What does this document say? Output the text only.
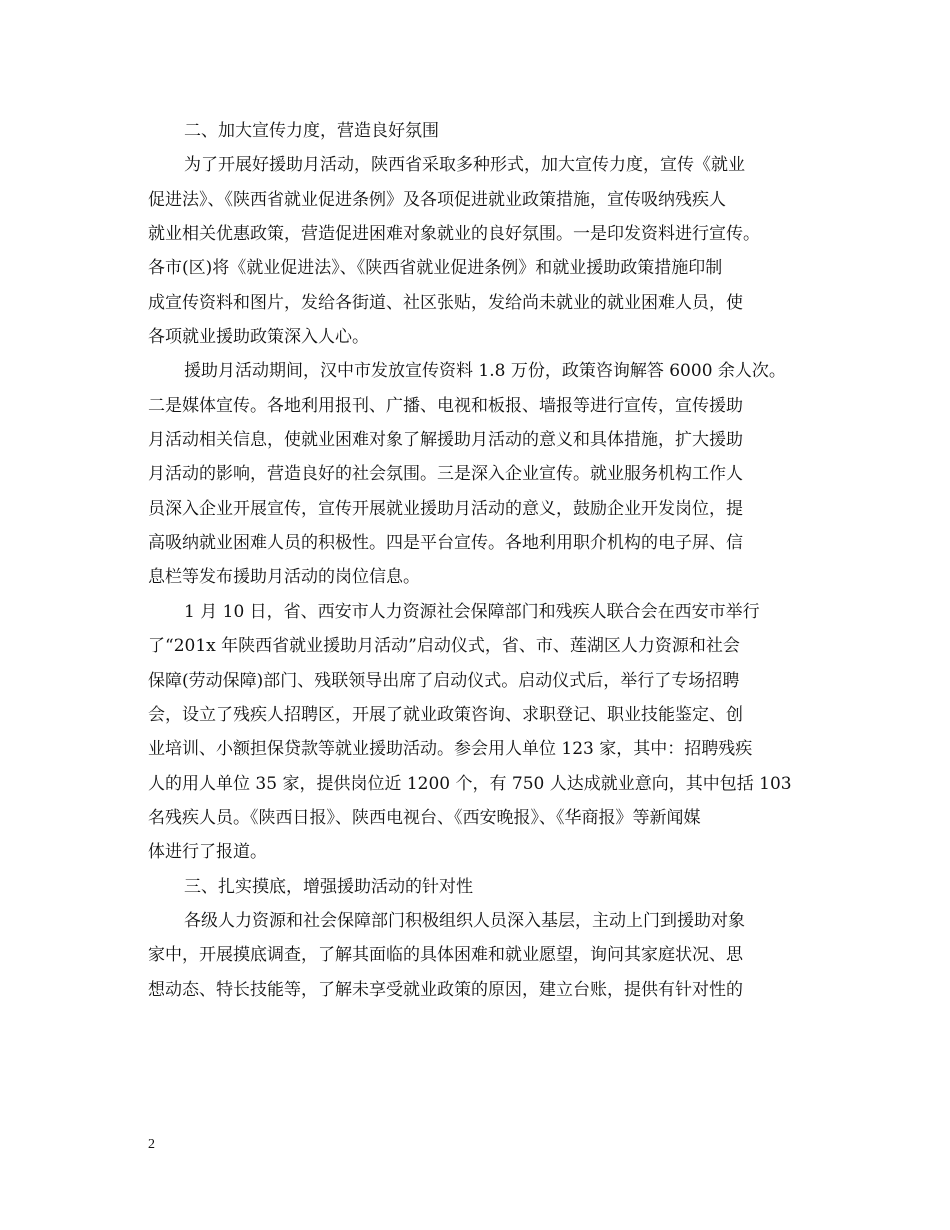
二、加大宣传力度，营造良好氛围
为了开展好援助月活动，陕西省采取多种形式，加大宣传力度，宣传《就业
促进法》、《陕西省就业促进条例》及各项促进就业政策措施，宣传吸纳残疾人
就业相关优惠政策，营造促进困难对象就业的良好氛围。一是印发资料进行宣传。
各市(区)将《就业促进法》、《陕西省就业促进条例》和就业援助政策措施印制
成宣传资料和图片，发给各街道、社区张贴，发给尚未就业的就业困难人员，使
各项就业援助政策深入人心。
援助月活动期间，汉中市发放宣传资料 1.8 万份，政策咨询解答 6000 余人次。
二是媒体宣传。各地利用报刊、广播、电视和板报、墙报等进行宣传，宣传援助
月活动相关信息，使就业困难对象了解援助月活动的意义和具体措施，扩大援助
月活动的影响，营造良好的社会氛围。三是深入企业宣传。就业服务机构工作人
员深入企业开展宣传，宣传开展就业援助月活动的意义，鼓励企业开发岗位，提
高吸纳就业困难人员的积极性。四是平台宣传。各地利用职介机构的电子屏、信
息栏等发布援助月活动的岗位信息。
1 月 10 日，省、西安市人力资源社会保障部门和残疾人联合会在西安市举行
了“201x 年陕西省就业援助月活动”启动仪式，省、市、莲湖区人力资源和社会
保障(劳动保障)部门、残联领导出席了启动仪式。启动仪式后，举行了专场招聘
会，设立了残疾人招聘区，开展了就业政策咨询、求职登记、职业技能鉴定、创
业培训、小额担保贷款等就业援助活动。参会用人单位 123 家，其中：招聘残疾
人的用人单位 35 家，提供岗位近 1200 个，有 750 人达成就业意向，其中包括 103
名残疾人员。《陕西日报》、陕西电视台、《西安晚报》、《华商报》等新闻媒
体进行了报道。
三、扎实摸底，增强援助活动的针对性
各级人力资源和社会保障部门积极组织人员深入基层，主动上门到援助对象
家中，开展摸底调查，了解其面临的具体困难和就业愿望，询问其家庭状况、思
想动态、特长技能等，了解未享受就业政策的原因，建立台账，提供有针对性的
2
